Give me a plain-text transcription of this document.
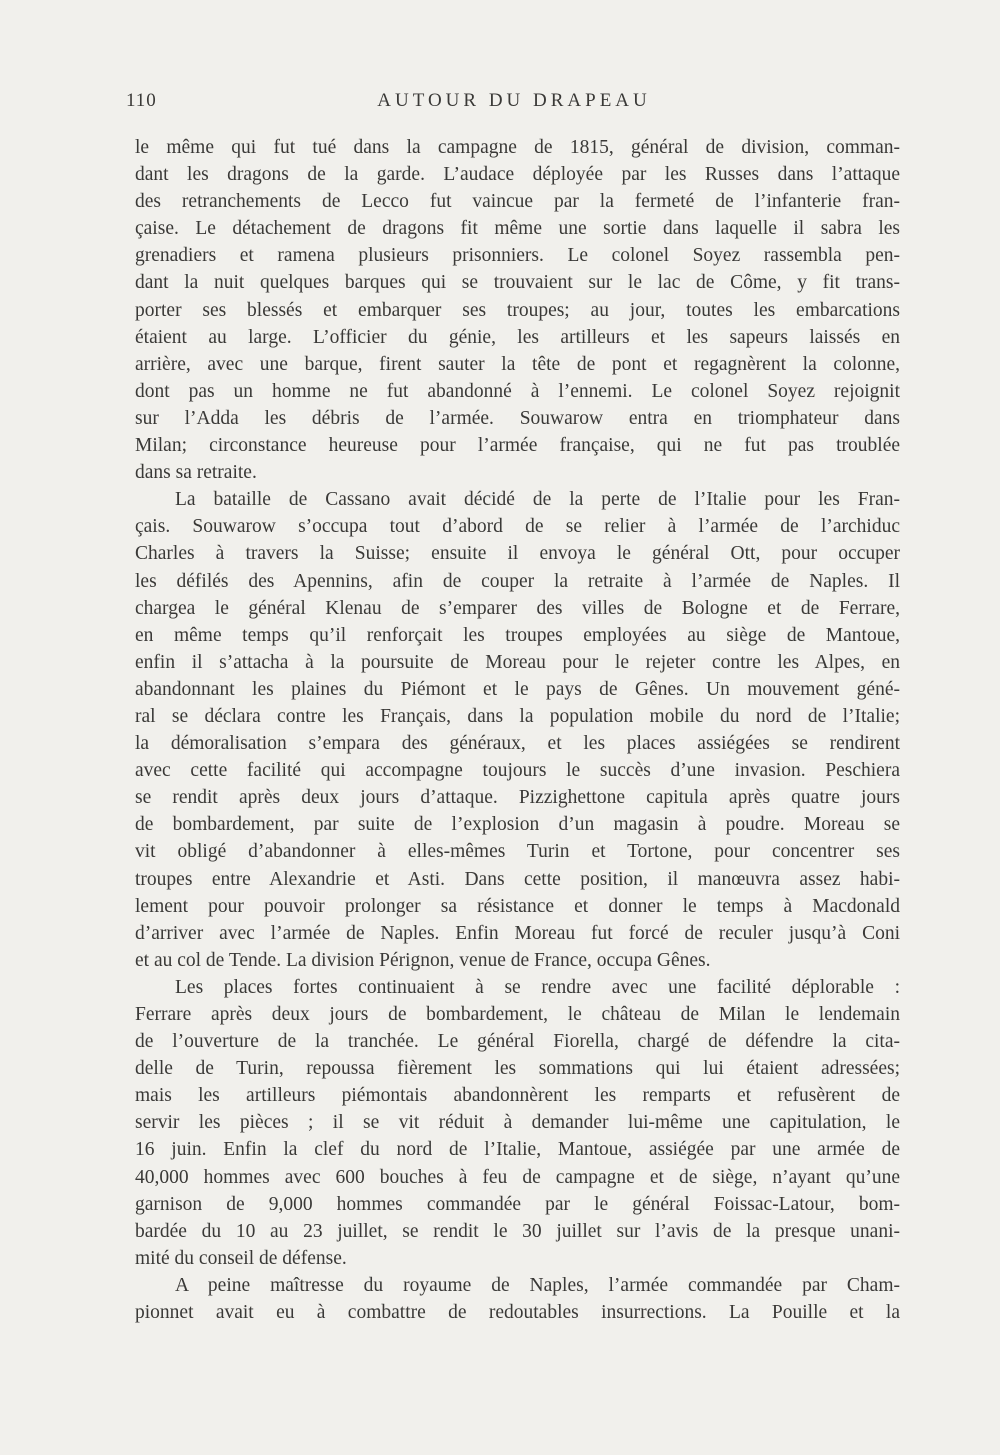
110	AUTOUR DU DRAPEAU
le même qui fut tué dans la campagne de 1815, général de division, comman-
dant les dragons de la garde. L’audace déployée par les Russes dans l’attaque
des retranchements de Lecco fut vaincue par la fermeté de l’infanterie fran-
çaise. Le détachement de dragons fit même une sortie dans laquelle il sabra les
grenadiers et ramena plusieurs prisonniers. Le colonel Soyez rassembla pen-
dant la nuit quelques barques qui se trouvaient sur le lac de Côme, y fit trans-
porter ses blessés et embarquer ses troupes; au jour, toutes les embarcations
étaient au large. L’officier du génie, les artilleurs et les sapeurs laissés en
arrière, avec une barque, firent sauter la tête de pont et regagnèrent la colonne,
dont pas un homme ne fut abandonné à l’ennemi. Le colonel Soyez rejoignit
sur l’Adda les débris de l’armée. Souwarow entra en triomphateur dans
Milan; circonstance heureuse pour l’armée française, qui ne fut pas troublée
dans sa retraite.
La bataille de Cassano avait décidé de la perte de l’Italie pour les Fran-
çais. Souwarow s’occupa tout d’abord de se relier à l’armée de l’archiduc
Charles à travers la Suisse; ensuite il envoya le général Ott, pour occuper
les défilés des Apennins, afin de couper la retraite à l’armée de Naples. Il
chargea le général Klenau de s’emparer des villes de Bologne et de Ferrare,
en même temps qu’il renforçait les troupes employées au siège de Mantoue,
enfin il s’attacha à la poursuite de Moreau pour le rejeter contre les Alpes, en
abandonnant les plaines du Piémont et le pays de Gênes. Un mouvement géné-
ral se déclara contre les Français, dans la population mobile du nord de l’Italie;
la démoralisation s’empara des généraux, et les places assiégées se rendirent
avec cette facilité qui accompagne toujours le succès d’une invasion. Peschiera
se rendit après deux jours d’attaque. Pizzighettone capitula après quatre jours
de bombardement, par suite de l’explosion d’un magasin à poudre. Moreau se
vit obligé d’abandonner à elles-mêmes Turin et Tortone, pour concentrer ses
troupes entre Alexandrie et Asti. Dans cette position, il manœuvra assez habi-
lement pour pouvoir prolonger sa résistance et donner le temps à Macdonald
d’arriver avec l’armée de Naples. Enfin Moreau fut forcé de reculer jusqu’à Coni
et au col de Tende. La division Pérignon, venue de France, occupa Gênes.
Les places fortes continuaient à se rendre avec une facilité déplorable :
Ferrare après deux jours de bombardement, le château de Milan le lendemain
de l’ouverture de la tranchée. Le général Fiorella, chargé de défendre la cita-
delle de Turin, repoussa fièrement les sommations qui lui étaient adressées;
mais les artilleurs piémontais abandonnèrent les remparts et refusèrent de
servir les pièces ; il se vit réduit à demander lui-même une capitulation, le
16 juin. Enfin la clef du nord de l’Italie, Mantoue, assiégée par une armée de
40,000 hommes avec 600 bouches à feu de campagne et de siège, n’ayant qu’une
garnison de 9,000 hommes commandée par le général Foissac-Latour, bom-
bardée du 10 au 23 juillet, se rendit le 30 juillet sur l’avis de la presque unani-
mité du conseil de défense.
A peine maîtresse du royaume de Naples, l’armée commandée par Cham-
pionnet avait eu à combattre de redoutables insurrections. La Pouille et la
